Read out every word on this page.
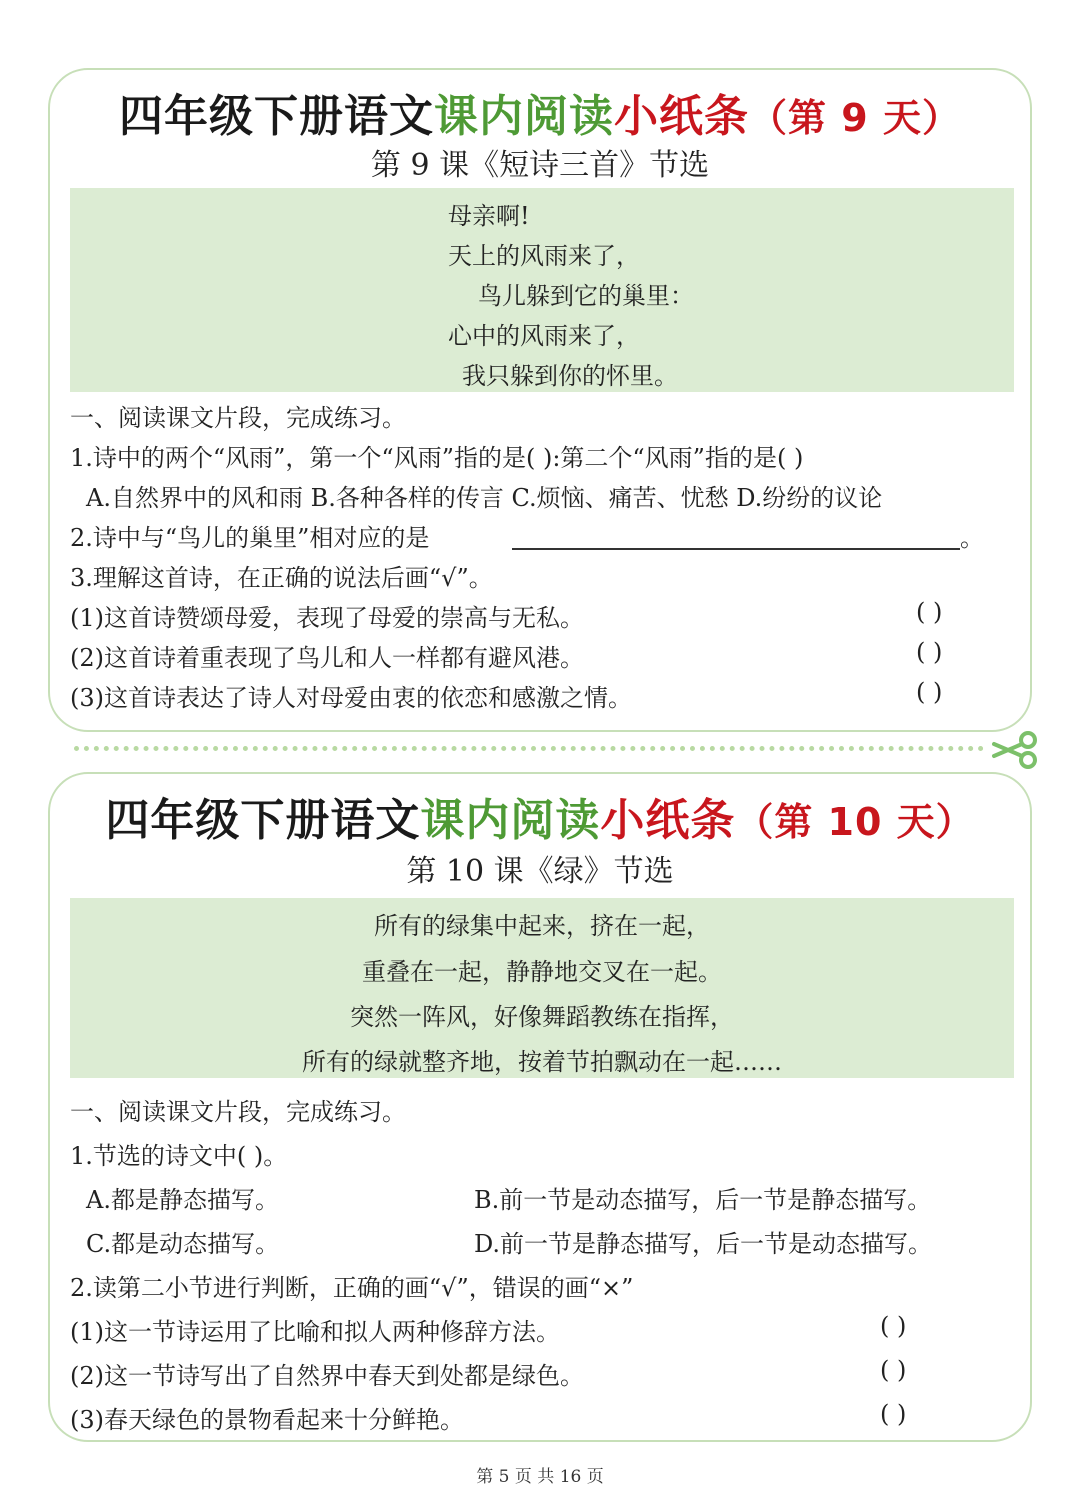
四年级下册语文课内阅读小纸条（第 9 天）
第 9 课《短诗三首》节选
母亲啊!
天上的风雨来了，
鸟儿躲到它的巢里：
心中的风雨来了，
我只躲到你的怀里。
一、阅读课文片段，完成练习。
1.诗中的两个“风雨”，第一个“风雨”指的是( ):第二个“风雨”指的是( )
A.自然界中的风和雨 B.各种各样的传言 C.烦恼、痛苦、忧愁 D.纷纷的议论
2.诗中与“鸟儿的巢里”相对应的是	。
3.理解这首诗，在正确的说法后画“√”。
(1)这首诗赞颂母爱，表现了母爱的崇高与无私。	( )
(2)这首诗着重表现了鸟儿和人一样都有避风港。	( )
(3)这首诗表达了诗人对母爱由衷的依恋和感激之情。	( )
四年级下册语文课内阅读小纸条（第 10 天）
第 10 课《绿》节选
所有的绿集中起来，挤在一起，
重叠在一起，静静地交叉在一起。
突然一阵风，好像舞蹈教练在指挥，
所有的绿就整齐地，按着节拍飘动在一起……
一、阅读课文片段，完成练习。
1.节选的诗文中( )。
A.都是静态描写。	B.前一节是动态描写，后一节是静态描写。
C.都是动态描写。	D.前一节是静态描写，后一节是动态描写。
2.读第二小节进行判断，正确的画“√”，错误的画“×”
(1)这一节诗运用了比喻和拟人两种修辞方法。	( )
(2)这一节诗写出了自然界中春天到处都是绿色。	( )
(3)春天绿色的景物看起来十分鲜艳。	( )
第 5 页 共 16 页
